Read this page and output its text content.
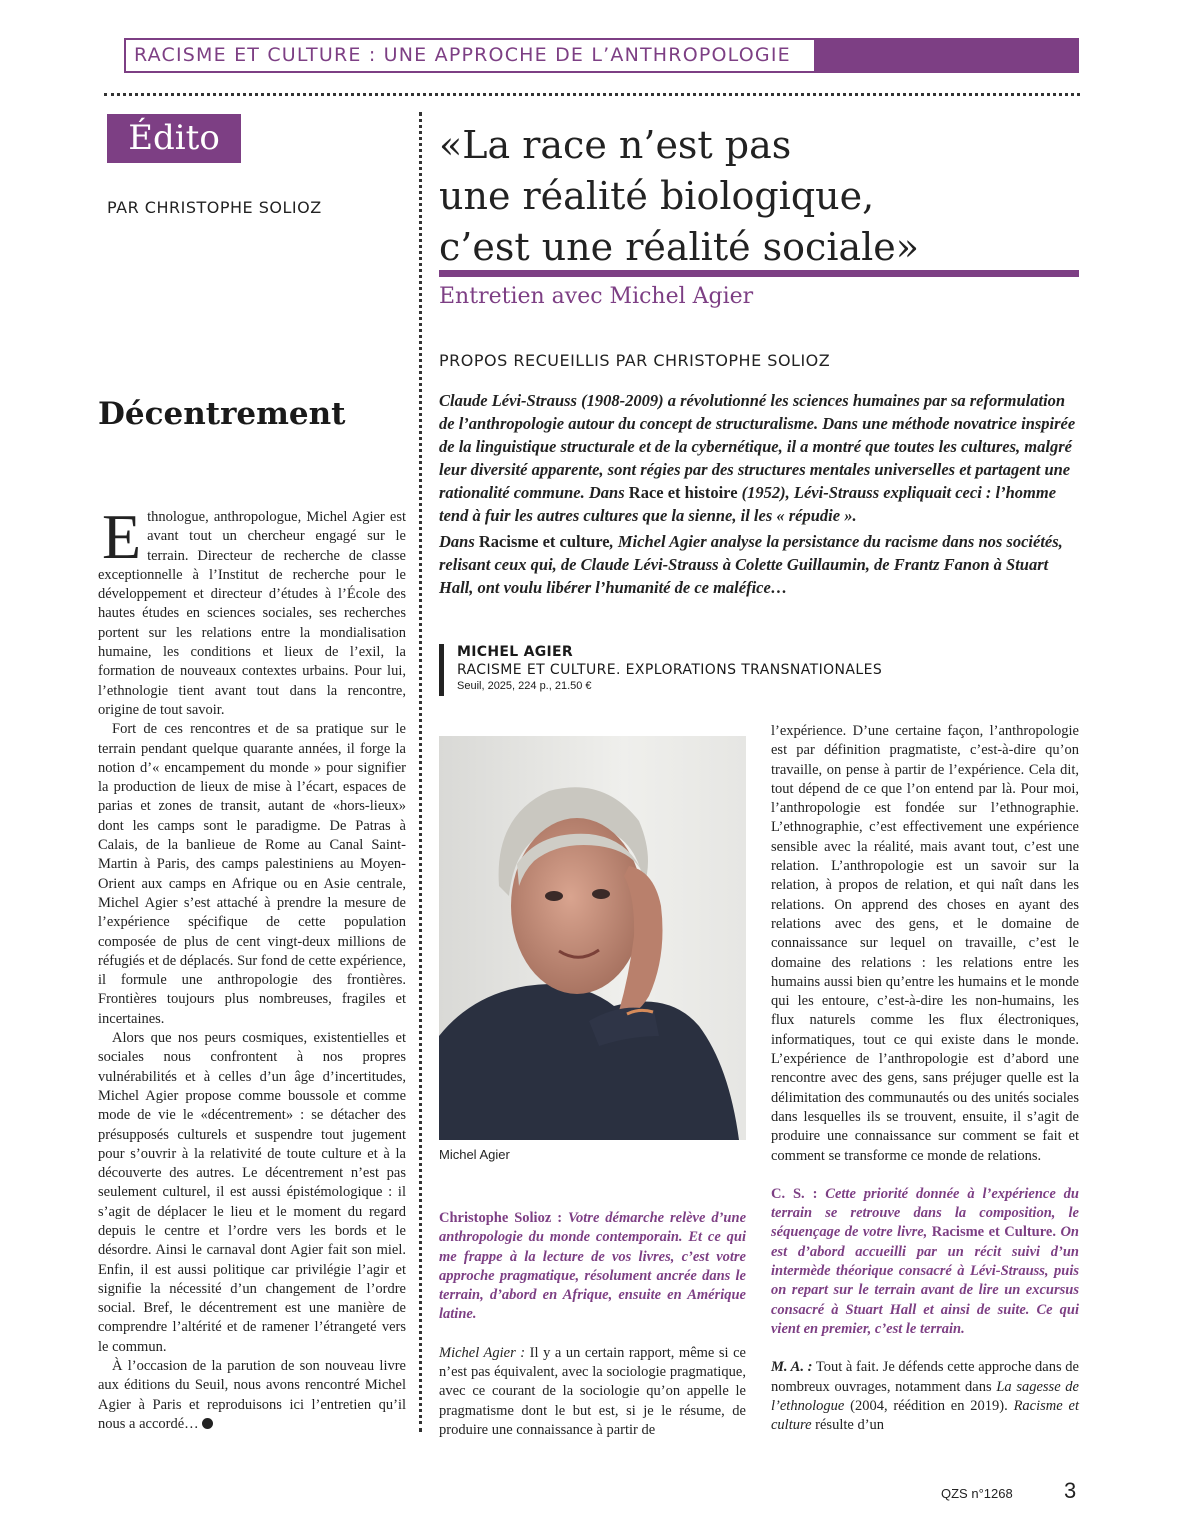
RACISME ET CULTURE : UNE APPROCHE DE L’ANTHROPOLOGIE
Édito
PAR CHRISTOPHE SOLIOZ
Décentrement

Ethnologue, anthropologue, Michel Agier est avant tout un chercheur engagé sur le terrain. Directeur de recherche de classe exceptionnelle à l’Institut de recherche pour le développement et directeur d’études à l’École des hautes études en sciences sociales, ses recherches portent sur les relations entre la mondialisation humaine, les conditions et lieux de l’exil, la formation de nouveaux contextes urbains. Pour lui, l’ethnologie tient avant tout dans la rencontre, origine de tout savoir.

Fort de ces rencontres et de sa pratique sur le terrain pendant quelque quarante années, il forge la notion d’« encampement du monde » pour signifier la production de lieux de mise à l’écart, espaces de parias et zones de transit, autant de «hors-lieux» dont les camps sont le paradigme. De Patras à Calais, de la banlieue de Rome au Canal Saint-Martin à Paris, des camps palestiniens au Moyen-Orient aux camps en Afrique ou en Asie centrale, Michel Agier s’est attaché à prendre la mesure de l’expérience spécifique de cette population composée de plus de cent vingt-deux millions de réfugiés et de déplacés. Sur fond de cette expérience, il formule une anthropologie des frontières. Frontières toujours plus nombreuses, fragiles et incertaines.

Alors que nos peurs cosmiques, existentielles et sociales nous confrontent à nos propres vulnérabilités et à celles d’un âge d’incertitudes, Michel Agier propose comme boussole et comme mode de vie le «décentrement» : se détacher des présupposés culturels et suspendre tout jugement pour s’ouvrir à la relativité de toute culture et à la découverte des autres. Le décentrement n’est pas seulement culturel, il est aussi épistémologique : il s’agit de déplacer le lieu et le moment du regard depuis le centre et l’ordre vers les bords et le désordre. Ainsi le carnaval dont Agier fait son miel. Enfin, il est aussi politique car privilégie l’agir et signifie la nécessité d’un changement de l’ordre social. Bref, le décentrement est une manière de comprendre l’altérité et de ramener l’étrangeté vers le commun.

À l’occasion de la parution de son nouveau livre aux éditions du Seuil, nous avons rencontré Michel Agier à Paris et reproduisons ici l’entretien qu’il nous a accordé…

«La race n’est pas
une réalité biologique,
c’est une réalité sociale»
Entretien avec Michel Agier
PROPOS RECUEILLIS PAR CHRISTOPHE SOLIOZ

Claude Lévi-Strauss (1908-2009) a révolutionné les sciences humaines par sa reformulation de l’anthropologie autour du concept de structuralisme. Dans une méthode novatrice inspirée de la linguistique structurale et de la cybernétique, il a montré que toutes les cultures, malgré leur diversité apparente, sont régies par des structures mentales universelles et partagent une rationalité commune. Dans Race et histoire (1952), Lévi-Strauss expliquait ceci : l’homme tend à fuir les autres cultures que la sienne, il les « répudie ».

Dans Racisme et culture, Michel Agier analyse la persistance du racisme dans nos sociétés, relisant ceux qui, de Claude Lévi-Strauss à Colette Guillaumin, de Frantz Fanon à Stuart Hall, ont voulu libérer l’humanité de ce maléfice…

MICHEL AGIER
RACISME ET CULTURE. EXPLORATIONS TRANSNATIONALES
Seuil, 2025, 224 p., 21.50 €
Michel Agier

Christophe Solioz : Votre démarche relève d’une anthropologie du monde contemporain. Et ce qui me frappe à la lecture de vos livres, c’est votre approche pragmatique, résolument ancrée dans le terrain, d’abord en Afrique, ensuite en Amérique latine.

Michel Agier : Il y a un certain rapport, même si ce n’est pas équivalent, avec la sociologie pragmatique, avec ce courant de la sociologie qu’on appelle le pragmatisme dont le but est, si je le résume, de produire une connaissance à partir de

l’expérience. D’une certaine façon, l’anthropologie est par définition pragmatiste, c’est-à-dire qu’on travaille, on pense à partir de l’expérience. Cela dit, tout dépend de ce que l’on entend par là. Pour moi, l’anthropologie est fondée sur l’ethnographie. L’ethnographie, c’est effectivement une expérience sensible avec la réalité, mais avant tout, c’est une relation. L’anthropologie est un savoir sur la relation, à propos de relation, et qui naît dans les relations. On apprend des choses en ayant des relations avec des gens, et le domaine de connaissance sur lequel on travaille, c’est le domaine des relations : les relations entre les humains aussi bien qu’entre les humains et le monde qui les entoure, c’est-à-dire les non-humains, les flux naturels comme les flux électroniques, informatiques, tout ce qui existe dans le monde. L’expérience de l’anthropologie est d’abord une rencontre avec des gens, sans préjuger quelle est la délimitation des communautés ou des unités sociales dans lesquelles ils se trouvent, ensuite, il s’agit de produire une connaissance sur comment se fait et comment se transforme ce monde de relations.

C. S. : Cette priorité donnée à l’expérience du terrain se retrouve dans la composition, le séquençage de votre livre, Racisme et Culture. On est d’abord accueilli par un récit suivi d’un intermède théorique consacré à Lévi-Strauss, puis on repart sur le terrain avant de lire un excursus consacré à Stuart Hall et ainsi de suite. Ce qui vient en premier, c’est le terrain.

M. A. : Tout à fait. Je défends cette approche dans de nombreux ouvrages, notamment dans La sagesse de l’ethnologue (2004, réédition en 2019). Racisme et culture résulte d’un

QZS n°1268 3
